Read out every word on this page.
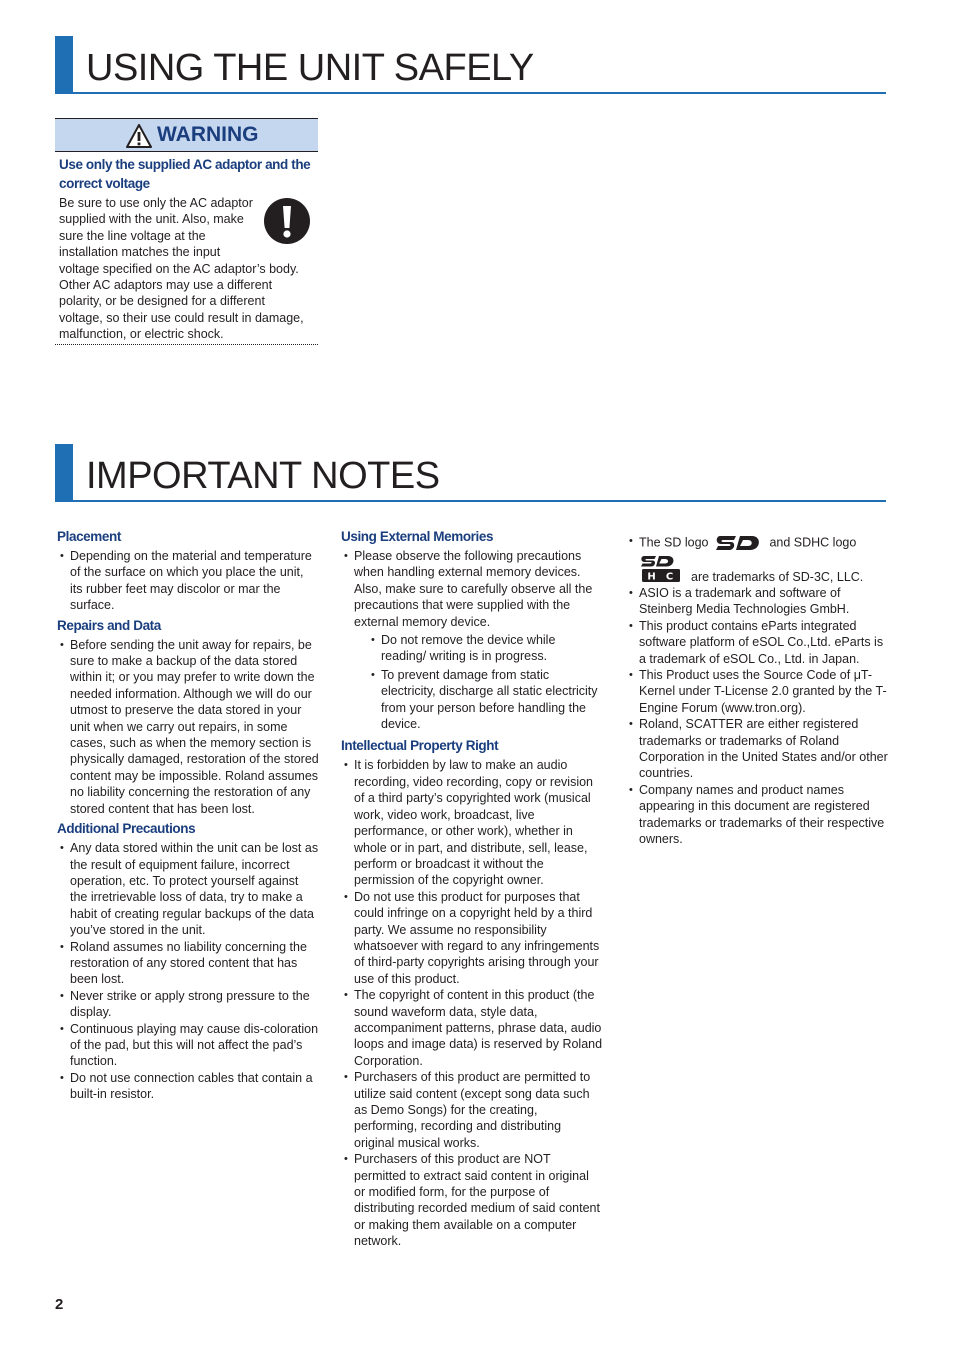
USING THE UNIT SAFELY
WARNING
Use only the supplied AC adaptor and the correct voltage
Be sure to use only the AC adaptor supplied with the unit. Also, make sure the line voltage at the installation matches the input voltage specified on the AC adaptor’s body. Other AC adaptors may use a different polarity, or be designed for a different voltage, so their use could result in damage, malfunction, or electric shock.
IMPORTANT NOTES
Placement
• Depending on the material and temperature of the surface on which you place the unit, its rubber feet may discolor or mar the surface.
Repairs and Data
• Before sending the unit away for repairs, be sure to make a backup of the data stored within it; or you may prefer to write down the needed information. Although we will do our utmost to preserve the data stored in your unit when we carry out repairs, in some cases, such as when the memory section is physically damaged, restoration of the stored content may be impossible. Roland assumes no liability concerning the restoration of any stored content that has been lost.
Additional Precautions
• Any data stored within the unit can be lost as the result of equipment failure, incorrect operation, etc. To protect yourself against the irretrievable loss of data, try to make a habit of creating regular backups of the data you’ve stored in the unit.
• Roland assumes no liability concerning the restoration of any stored content that has been lost.
• Never strike or apply strong pressure to the display.
• Continuous playing may cause dis-coloration of the pad, but this will not affect the pad’s function.
• Do not use connection cables that contain a built-in resistor.
Using External Memories
• Please observe the following precautions when handling external memory devices. Also, make sure to carefully observe all the precautions that were supplied with the external memory device.
• Do not remove the device while reading/ writing is in progress.
• To prevent damage from static electricity, discharge all static electricity from your person before handling the device.
Intellectual Property Right
• It is forbidden by law to make an audio recording, video recording, copy or revision of a third party’s copyrighted work (musical work, video work, broadcast, live performance, or other work), whether in whole or in part, and distribute, sell, lease, perform or broadcast it without the permission of the copyright owner.
• Do not use this product for purposes that could infringe on a copyright held by a third party. We assume no responsibility whatsoever with regard to any infringements of third-party copyrights arising through your use of this product.
• The copyright of content in this product (the sound waveform data, style data, accompaniment patterns, phrase data, audio loops and image data) is reserved by Roland Corporation.
• Purchasers of this product are permitted to utilize said content (except song data such as Demo Songs) for the creating, performing, recording and distributing original musical works.
• Purchasers of this product are NOT permitted to extract said content in original or modified form, for the purpose of distributing recorded medium of said content or making them available on a computer network.
• The SD logo	and SDHC logo
H C are trademarks of SD-3C, LLC.
• ASIO is a trademark and software of Steinberg Media Technologies GmbH.
• This product contains eParts integrated software platform of eSOL Co.,Ltd. eParts is a trademark of eSOL Co., Ltd. in Japan.
• This Product uses the Source Code of μT-Kernel under T-License 2.0 granted by the T-Engine Forum (www.tron.org).
• Roland, SCATTER are either registered trademarks or trademarks of Roland Corporation in the United States and/or other countries.
• Company names and product names appearing in this document are registered trademarks or trademarks of their respective owners.
2
